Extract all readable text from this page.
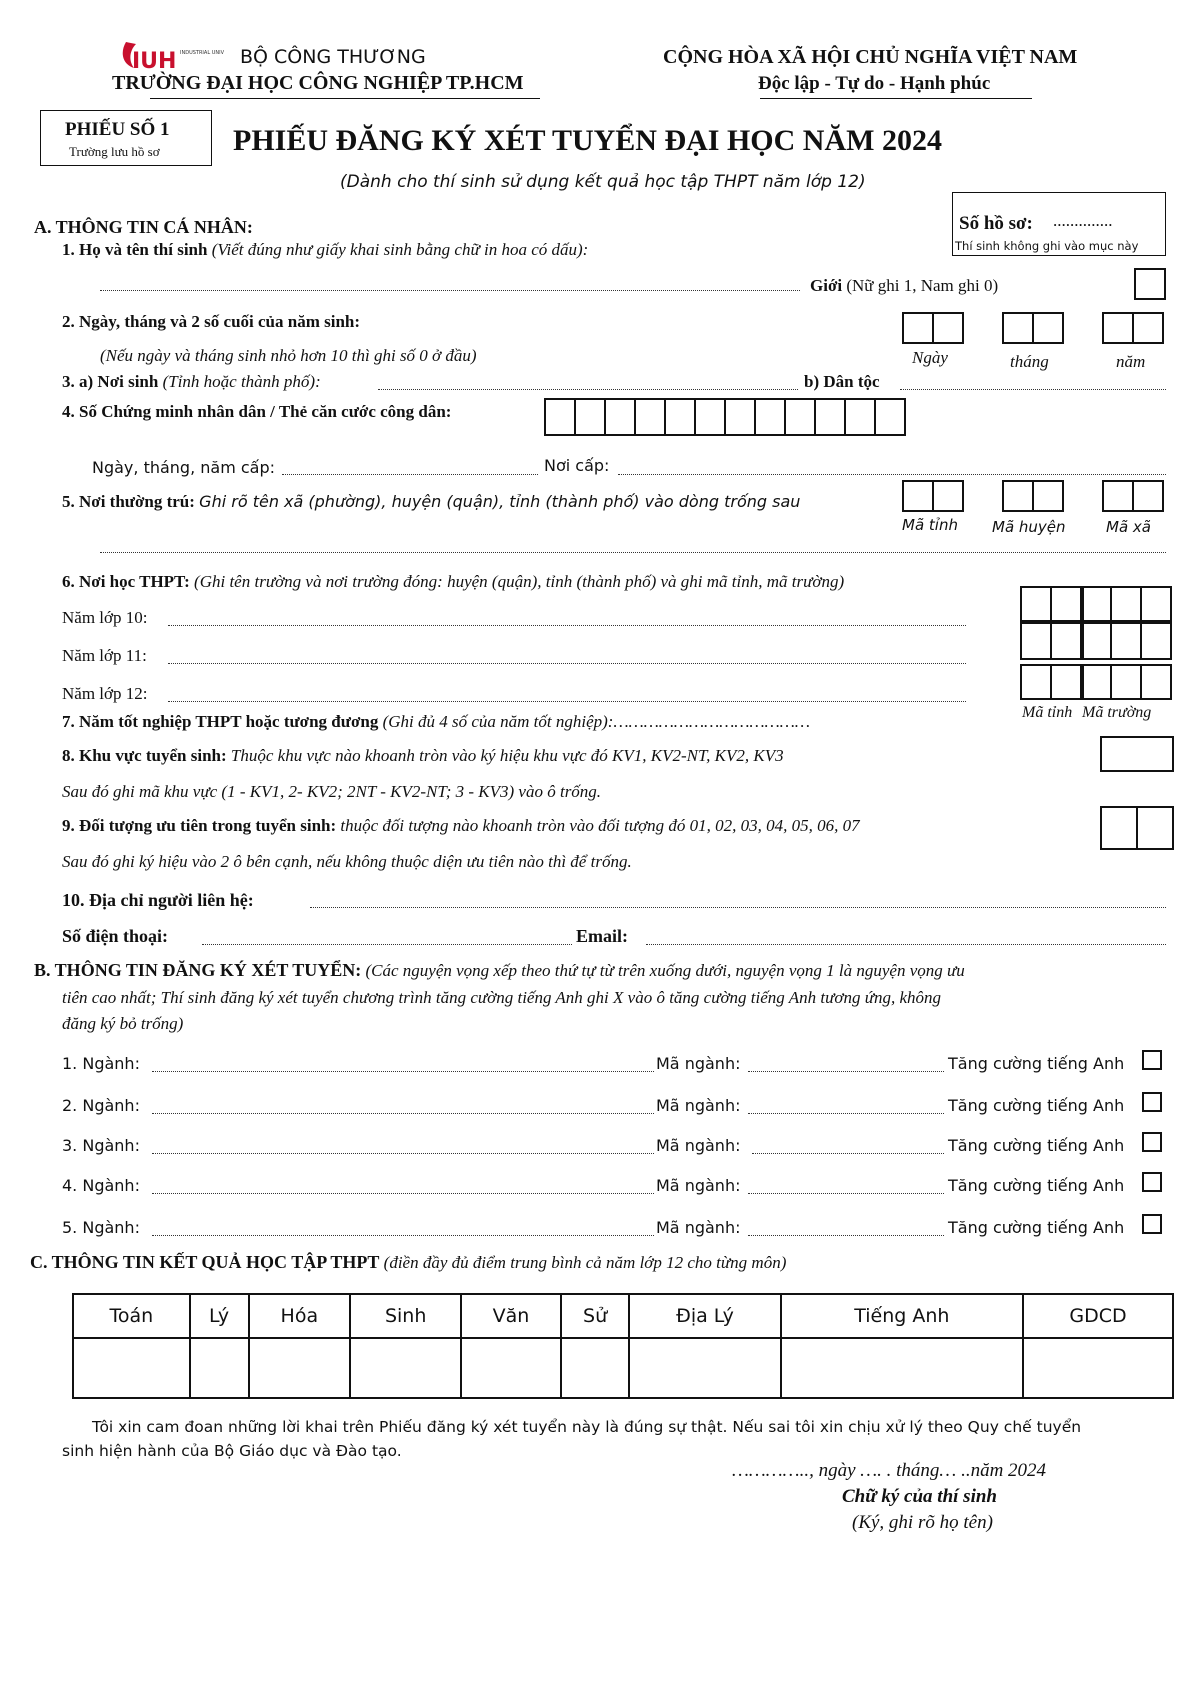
IUH INDUSTRIAL UNIV BỘ CÔNG THƯƠNG
TRƯỜNG ĐẠI HỌC CÔNG NGHIỆP TP.HCM
CỘNG HÒA XÃ HỘI CHỦ NGHĨA VIỆT NAM
Độc lập - Tự do - Hạnh phúc
PHIẾU SỐ 1
Trường lưu hồ sơ PHIẾU ĐĂNG KÝ XÉT TUYỂN ĐẠI HỌC NĂM 2024
(Dành cho thí sinh sử dụng kết quả học tập THPT năm lớp 12)
Số hồ sơ: ..............
Thí sinh không ghi vào mục này
A. THÔNG TIN CÁ NHÂN:
1. Họ và tên thí sinh (Viết đúng như giấy khai sinh bằng chữ in hoa có dấu):
Giới (Nữ ghi 1, Nam ghi 0)
2. Ngày, tháng và 2 số cuối của năm sinh:
(Nếu ngày và tháng sinh nhỏ hơn 10 thì ghi số 0 ở đầu)	Ngày	tháng	năm
3. a) Nơi sinh (Tỉnh hoặc thành phố):	b) Dân tộc
4. Số Chứng minh nhân dân / Thẻ căn cước công dân:
Ngày, tháng, năm cấp:	Nơi cấp:
5. Nơi thường trú: Ghi rõ tên xã (phường), huyện (quận), tỉnh (thành phố) vào dòng trống sau
Mã tỉnh Mã huyện	Mã xã
6. Nơi học THPT: (Ghi tên trường và nơi trường đóng: huyện (quận), tỉnh (thành phố) và ghi mã tỉnh, mã trường)
Năm lớp 10:
Năm lớp 11:
Năm lớp 12:
Mã tỉnh Mã trường
7. Năm tốt nghiệp THPT hoặc tương đương (Ghi đủ 4 số của năm tốt nghiệp):…………………………………
8. Khu vực tuyển sinh: Thuộc khu vực nào khoanh tròn vào ký hiệu khu vực đó KV1, KV2-NT, KV2, KV3
Sau đó ghi mã khu vực (1 - KV1, 2- KV2; 2NT - KV2-NT; 3 - KV3) vào ô trống.
9. Đối tượng ưu tiên trong tuyển sinh: thuộc đối tượng nào khoanh tròn vào đối tượng đó 01, 02, 03, 04, 05, 06, 07
Sau đó ghi ký hiệu vào 2 ô bên cạnh, nếu không thuộc diện ưu tiên nào thì để trống.
10. Địa chỉ người liên hệ:
Số điện thoại:	Email:
B. THÔNG TIN ĐĂNG KÝ XÉT TUYỂN: (Các nguyện vọng xếp theo thứ tự từ trên xuống dưới, nguyện vọng 1 là nguyện vọng ưu
tiên cao nhất; Thí sinh đăng ký xét tuyển chương trình tăng cường tiếng Anh ghi X vào ô tăng cường tiếng Anh tương ứng, không
đăng ký bỏ trống)
1. Ngành:	Mã ngành:	Tăng cường tiếng Anh
2. Ngành:	Mã ngành:	Tăng cường tiếng Anh
3. Ngành:	Mã ngành:	Tăng cường tiếng Anh
4. Ngành:	Mã ngành:	Tăng cường tiếng Anh
5. Ngành:	Mã ngành:	Tăng cường tiếng Anh
C. THÔNG TIN KẾT QUẢ HỌC TẬP THPT (điền đầy đủ điểm trung bình cả năm lớp 12 cho từng môn)
Toán	Lý	Hóa	Sinh	Văn	Sử	Địa Lý	Tiếng Anh	GDCD

Tôi xin cam đoan những lời khai trên Phiếu đăng ký xét tuyển này là đúng sự thật. Nếu sai tôi xin chịu xử lý theo Quy chế tuyển
sinh hiện hành của Bộ Giáo dục và Đào tạo.
………….., ngày …. . tháng… ..năm 2024
Chữ ký của thí sinh
(Ký, ghi rõ họ tên)
